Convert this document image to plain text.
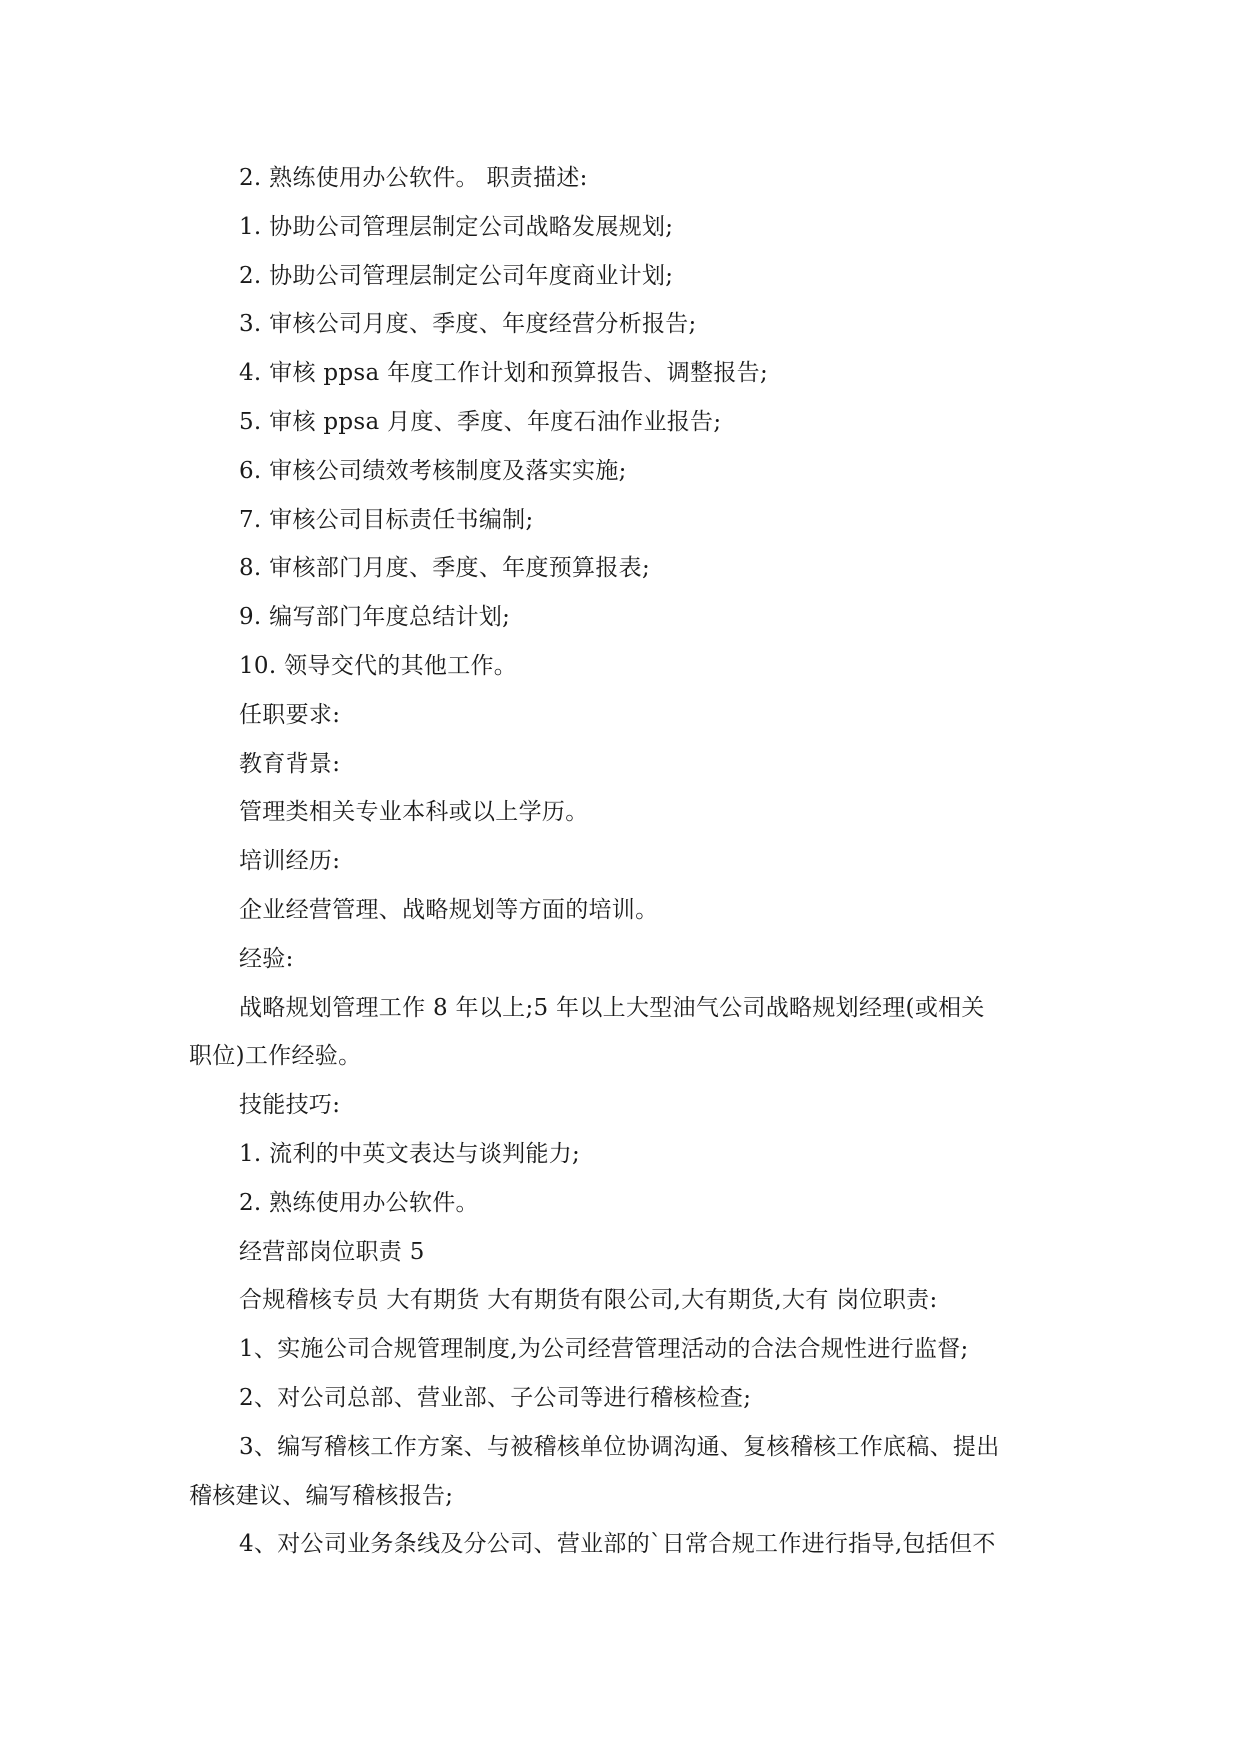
2. 熟练使用办公软件。 职责描述:
1. 协助公司管理层制定公司战略发展规划;
2. 协助公司管理层制定公司年度商业计划;
3. 审核公司月度、季度、年度经营分析报告;
4. 审核 ppsa 年度工作计划和预算报告、调整报告;
5. 审核 ppsa 月度、季度、年度石油作业报告;
6. 审核公司绩效考核制度及落实实施;
7. 审核公司目标责任书编制;
8. 审核部门月度、季度、年度预算报表;
9. 编写部门年度总结计划;
10. 领导交代的其他工作。
任职要求:
教育背景:
管理类相关专业本科或以上学历。
培训经历:
企业经营管理、战略规划等方面的培训。
经验:
战略规划管理工作 8 年以上;5 年以上大型油气公司战略规划经理(或相关
职位)工作经验。
技能技巧:
1. 流利的中英文表达与谈判能力;
2. 熟练使用办公软件。
经营部岗位职责 5
合规稽核专员 大有期货 大有期货有限公司,大有期货,大有 岗位职责:
1、实施公司合规管理制度,为公司经营管理活动的合法合规性进行监督;
2、对公司总部、营业部、子公司等进行稽核检查;
3、编写稽核工作方案、与被稽核单位协调沟通、复核稽核工作底稿、提出
稽核建议、编写稽核报告;
4、对公司业务条线及分公司、营业部的`日常合规工作进行指导,包括但不
